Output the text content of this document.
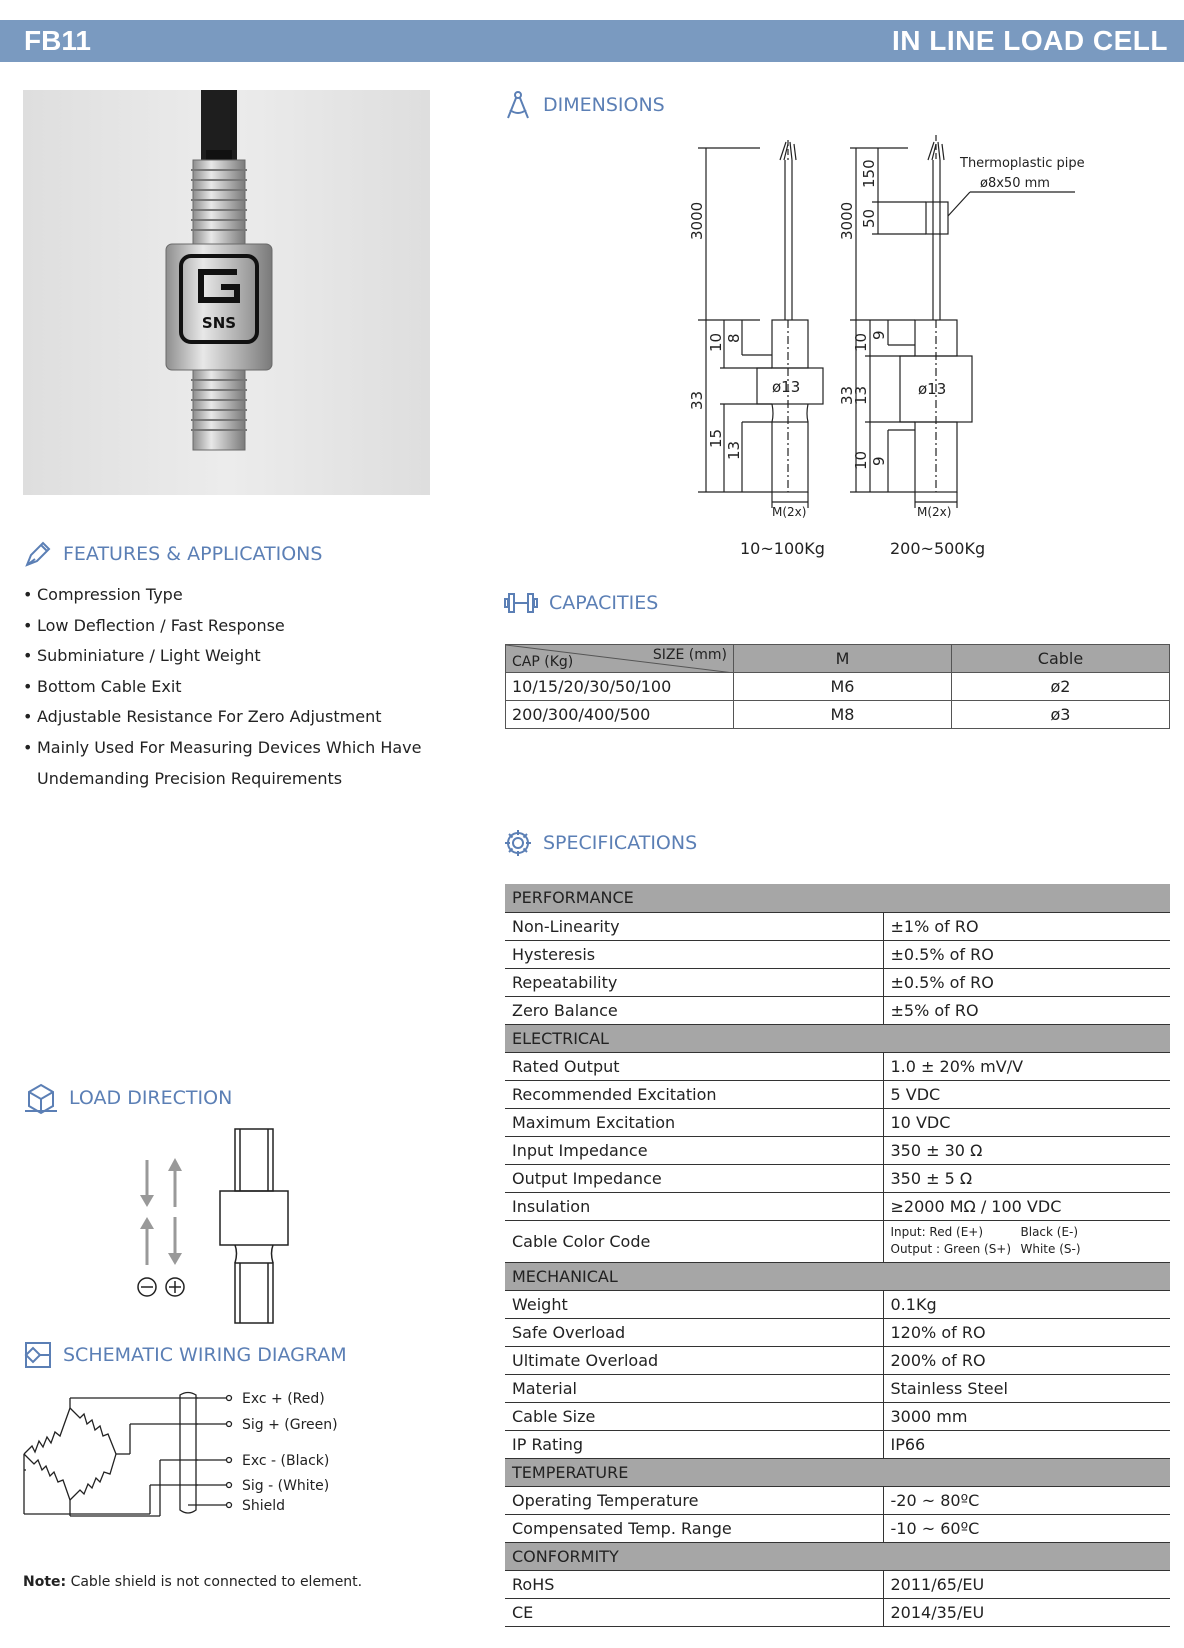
FB11	IN LINE LOAD CELL
SNS
DIMENSIONS
3000
10 8
33
15
13
ø13
M(2x)
10~100Kg
3000
150
50
10 9
33
13
10 9
ø13
M(2x)
Thermoplastic pipe
ø8x50 mm
200~500Kg
FEATURES & APPLICATIONS
• Compression Type
• Low Deflection / Fast Response
• Subminiature / Light Weight
• Bottom Cable Exit
• Adjustable Resistance For Zero Adjustment
• Mainly Used For Measuring Devices Which Have
Undemanding Precision Requirements
CAPACITIES
CAP (Kg) SIZE (mm)	M	Cable
10/15/20/30/50/100	M6	ø2
200/300/400/500	M8	ø3
SPECIFICATIONS
PERFORMANCE	
Non-Linearity	±1% of RO
Hysteresis	±0.5% of RO
Repeatability	±0.5% of RO
Zero Balance	±5% of RO
ELECTRICAL	
Rated Output	1.0 ± 20% mV/V
Recommended Excitation	5 VDC
Maximum Excitation	10 VDC
Input Impedance	350 ± 30 Ω
Output Impedance	350 ± 5 Ω
Insulation	≥2000 MΩ / 100 VDC
Cable Color Code	Input: Red (E+) Black (E-)
Output : Green (S+) White (S-)
MECHANICAL	
Weight	0.1Kg
Safe Overload	120% of RO
Ultimate Overload	200% of RO
Material	Stainless Steel
Cable Size	3000 mm
IP Rating	IP66
TEMPERATURE	
Operating Temperature	-20 ~ 80ºC
Compensated Temp. Range	-10 ~ 60ºC
CONFORMITY	
RoHS	2011/65/EU
CE	2014/35/EU
LOAD DIRECTION
SCHEMATIC WIRING DIAGRAM
Exc + (Red)
Sig + (Green)
Exc - (Black)
Sig - (White)
Shield
Note: Cable shield is not connected to element.
